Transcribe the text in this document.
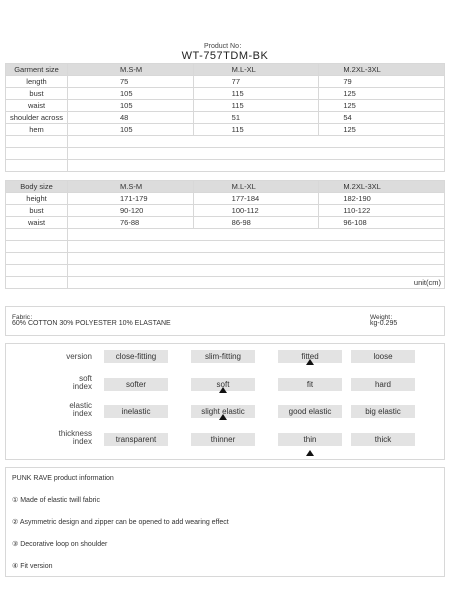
Product No：
WT-757TDM-BK
Garment size	M.S-M	M.L-XL	M.2XL-3XL
length	75	77	79
bust	105	115	125
waist	105	115	125
shoulder across	48	51	54
hem	105	115	125

Body size	M.S-M	M.L-XL	M.2XL-3XL
height	171-179	177-184	182-190
bust	90-120	100-112	110-122
waist	76-88	86-98	96-108

	unit(cm)		
Fabric：
60% COTTON 30% POLYESTER 10% ELASTANE
Weight：
kg-0.295
version	close-fitting	slim-fitting	fitted	loose
soft
index	softer	soft	fit	hard
elastic
index	inelastic	slight elastic	good elastic	big elastic
thickness
index	transparent	thinner	thin	thick
PUNK RAVE product information
① Made of elastic twill fabric
② Asymmetric design and zipper can be opened to add wearing effect
③ Decorative loop on shoulder
④ Fit version
